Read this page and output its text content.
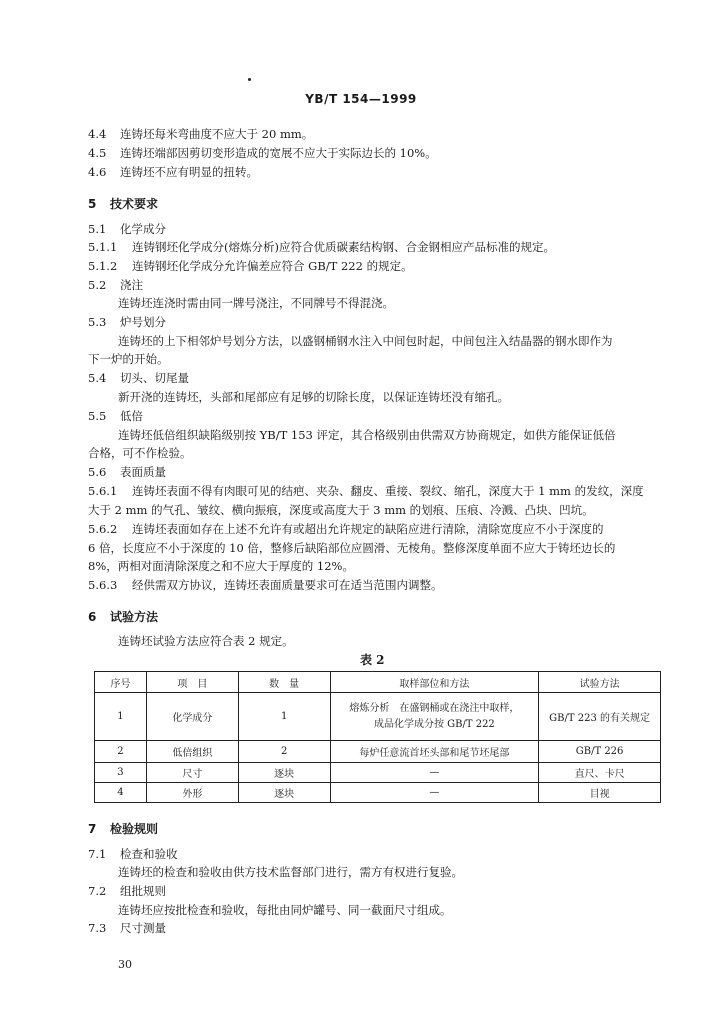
YB/T 154—1999
4.4 连铸坯每米弯曲度不应大于 20 mm。
4.5 连铸坯端部因剪切变形造成的宽展不应大于实际边长的 10%。
4.6 连铸坯不应有明显的扭转。
5 技术要求
5.1 化学成分
5.1.1 连铸钢坯化学成分(熔炼分析)应符合优质碳素结构钢、合金钢相应产品标准的规定。
5.1.2 连铸钢坯化学成分允许偏差应符合 GB/T 222 的规定。
5.2 浇注
连铸坯连浇时需由同一牌号浇注，不同牌号不得混浇。
5.3 炉号划分
连铸坯的上下相邻炉号划分方法，以盛钢桶钢水注入中间包时起，中间包注入结晶器的钢水即作为
下一炉的开始。
5.4 切头、切尾量
新开浇的连铸坯，头部和尾部应有足够的切除长度，以保证连铸坯没有缩孔。
5.5 低倍
连铸坯低倍组织缺陷级别按 YB/T 153 评定，其合格级别由供需双方协商规定，如供方能保证低倍
合格，可不作检验。
5.6 表面质量
5.6.1 连铸坯表面不得有肉眼可见的结疤、夹杂、翻皮、重接、裂纹、缩孔，深度大于 1 mm 的发纹，深度
大于 2 mm 的气孔、皱纹、横向振痕，深度或高度大于 3 mm 的划痕、压痕、冷溅、凸块、凹坑。
5.6.2 连铸坯表面如存在上述不允许有或超出允许规定的缺陷应进行清除，清除宽度应不小于深度的
6 倍，长度应不小于深度的 10 倍，整修后缺陷部位应圆滑、无棱角。整修深度单面不应大于铸坯边长的
8%，两相对面清除深度之和不应大于厚度的 12%。
5.6.3 经供需双方协议，连铸坯表面质量要求可在适当范围内调整。
6 试验方法
连铸坯试验方法应符合表 2 规定。
表 2
序号	项　目	数　量	取样部位和方法	试验方法
1	化学成分	1	熔炼分析　在盛钢桶或在浇注中取样，
成品化学成分按 GB/T 222	GB/T 223 的有关规定
2	低倍组织	2	每炉任意流首坯头部和尾节坯尾部	GB/T 226
3	尺寸	逐块	—	直尺、卡尺
4	外形	逐块	—	目视
7 检验规则
7.1 检查和验收
连铸坯的检查和验收由供方技术监督部门进行，需方有权进行复验。
7.2 组批规则
连铸坯应按批检查和验收，每批由同炉罐号、同一截面尺寸组成。
7.3 尺寸测量
30
